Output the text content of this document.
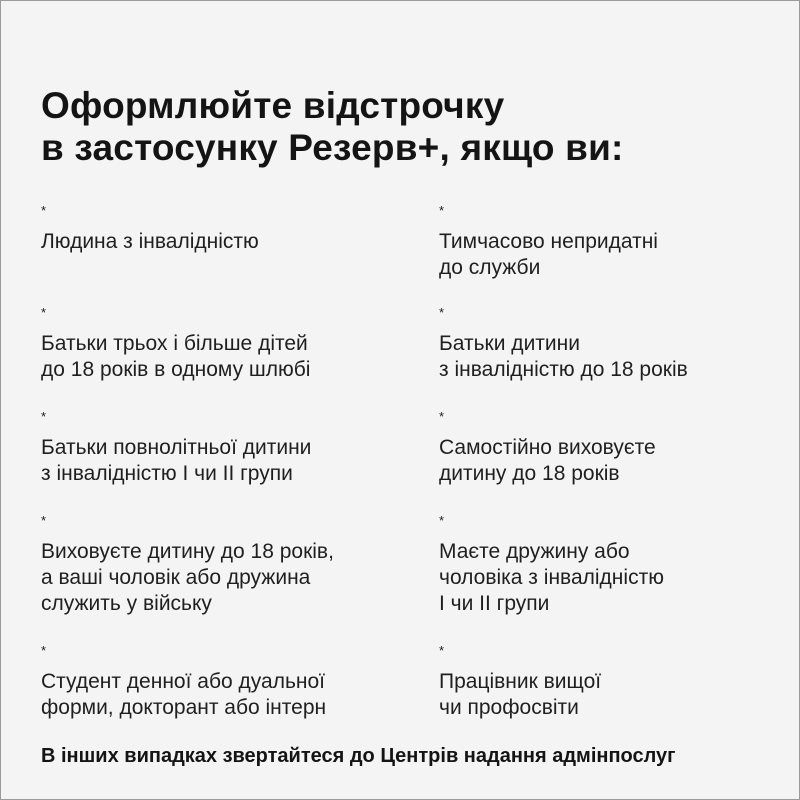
Оформлюйте відстрочку
в застосунку Резерв+, якщо ви:
*
Людина з інвалідністю
*
Тимчасово непридатні
до служби
*
Батьки трьох і більше дітей
до 18 років в одному шлюбі
*
Батьки дитини
з інвалідністю до 18 років
*
Батьки повнолітньої дитини
з інвалідністю I чи II групи
*
Самостійно виховуєте
дитину до 18 років
*
Виховуєте дитину до 18 років,
а ваші чоловік або дружина
служить у війську
*
Маєте дружину або
чоловіка з інвалідністю
I чи II групи
*
Студент денної або дуальної
форми, докторант або інтерн
*
Працівник вищої
чи профосвіти

В інших випадках звертайтеся до Центрів надання адмінпослуг
